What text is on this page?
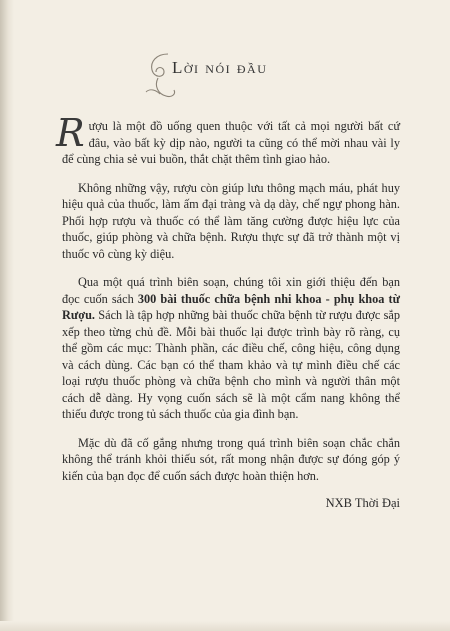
Lời nói đầu

Rượu là một đồ uống quen thuộc với tất cả mọi người bất cứ đâu, vào bất kỳ dịp nào, người ta cũng có thể mời nhau vài ly để cùng chia sẻ vui buồn, thắt chặt thêm tình giao hảo.

Không những vậy, rượu còn giúp lưu thông mạch máu, phát huy hiệu quả của thuốc, làm ấm đại tràng và dạ dày, chế ngự phong hàn. Phối hợp rượu và thuốc có thể làm tăng cường được hiệu lực của thuốc, giúp phòng và chữa bệnh. Rượu thực sự đã trở thành một vị thuốc vô cùng kỳ diệu.

Qua một quá trình biên soạn, chúng tôi xin giới thiệu đến bạn đọc cuốn sách 300 bài thuốc chữa bệnh nhi khoa - phụ khoa từ Rượu. Sách là tập hợp những bài thuốc chữa bệnh từ rượu được sắp xếp theo từng chủ đề. Mỗi bài thuốc lại được trình bày rõ ràng, cụ thể gồm các mục: Thành phần, các điều chế, công hiệu, công dụng và cách dùng. Các bạn có thể tham khảo và tự mình điều chế các loại rượu thuốc phòng và chữa bệnh cho mình và người thân một cách dễ dàng. Hy vọng cuốn sách sẽ là một cẩm nang không thể thiếu được trong tủ sách thuốc của gia đình bạn.

Mặc dù đã cố gắng nhưng trong quá trình biên soạn chắc chắn không thể tránh khỏi thiếu sót, rất mong nhận được sự đóng góp ý kiến của bạn đọc để cuốn sách được hoàn thiện hơn.

NXB Thời Đại
